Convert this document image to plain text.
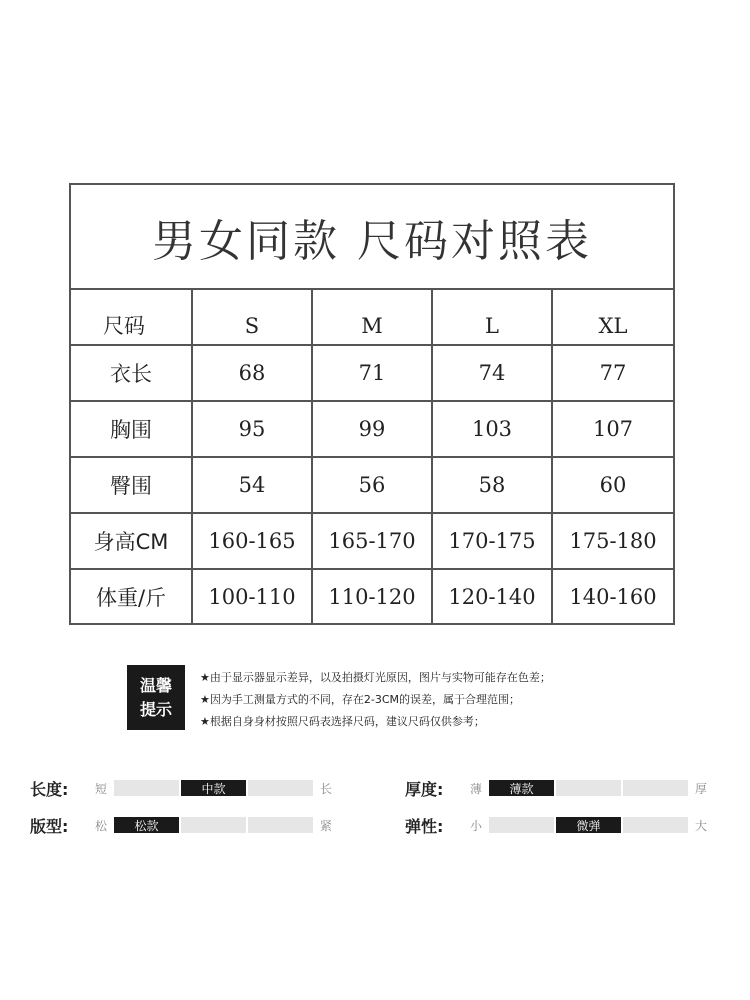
男女同款 尺码对照表
尺码	S	M	L	XL
衣长	68	71	74	77
胸围	95	99	103	107
臀围	54	56	58	60
身高CM	160-165	165-170	170-175	175-180
体重/斤	100-110	110-120	120-140	140-160
温馨
提示
★由于显示器显示差异，以及拍摄灯光原因，图片与实物可能存在色差；
★因为手工测量方式的不同，存在2-3CM的误差，属于合理范围；
★根据自身身材按照尺码表选择尺码，建议尺码仅供参考；
长度:	短	中款	长	厚度:	薄	薄款	厚
版型:	松	松款	紧	弹性:	小	微弹	大
